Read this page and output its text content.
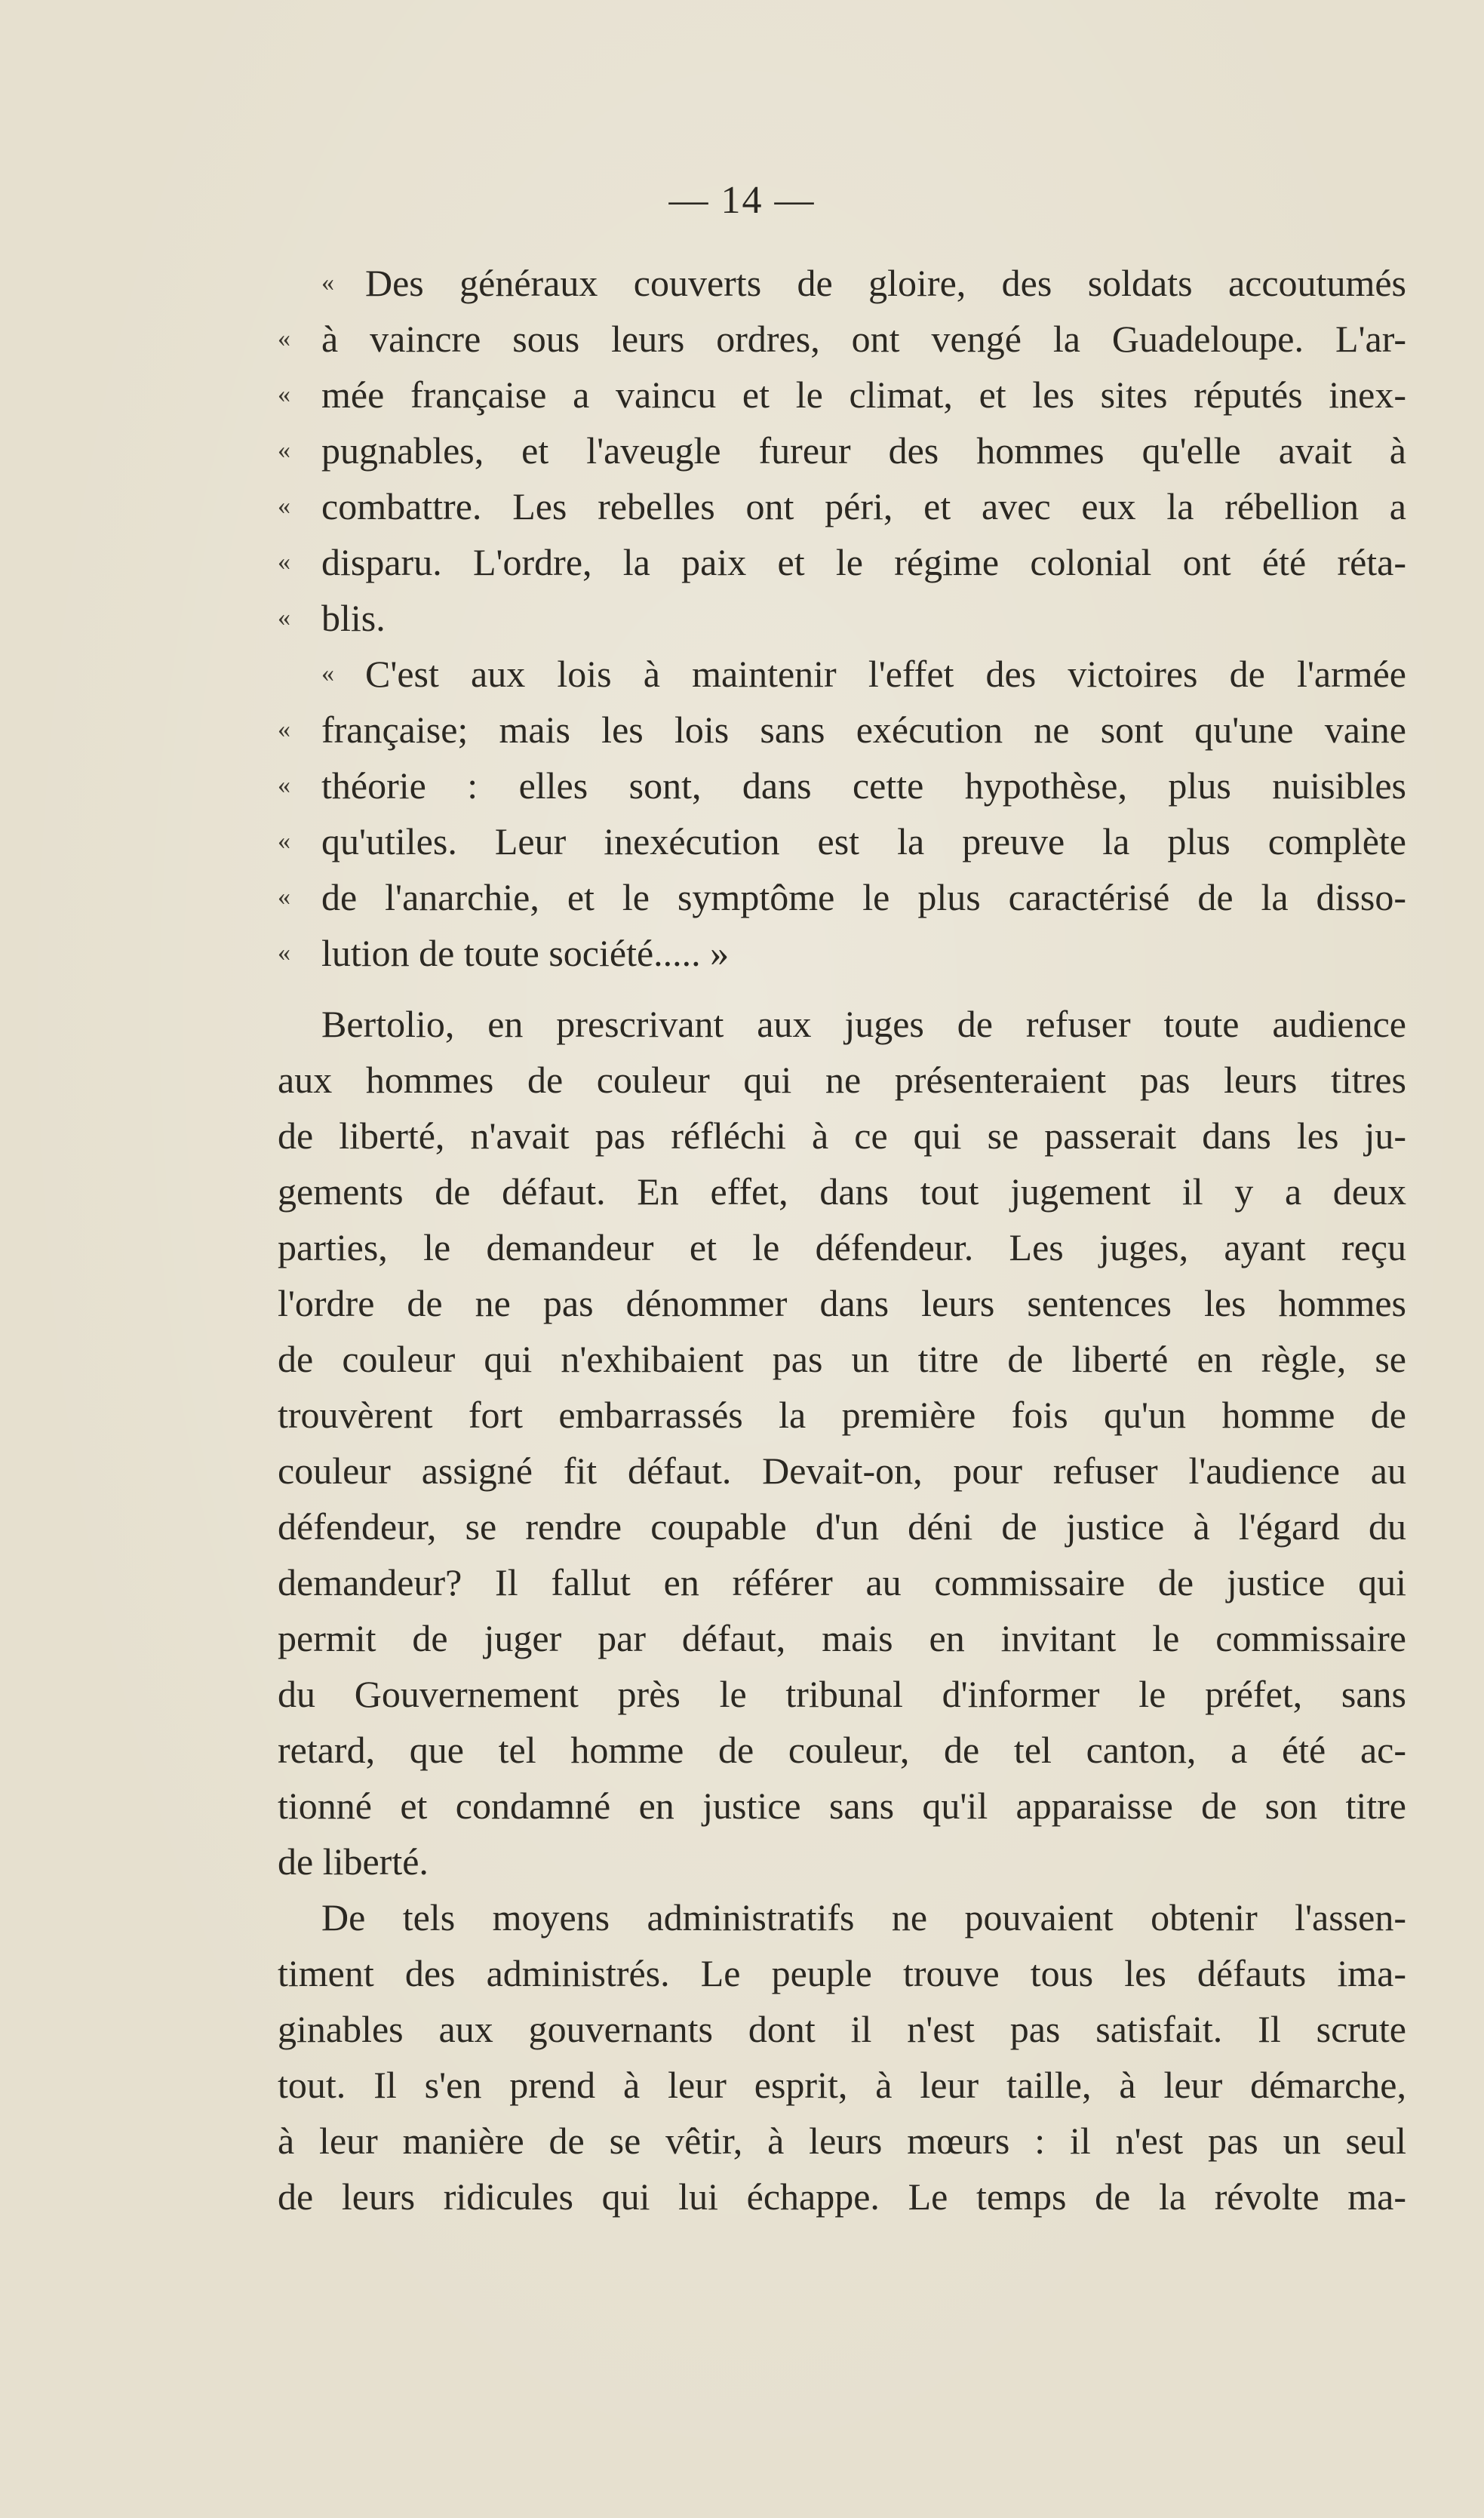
— 14 —
« Des généraux couverts de gloire, des soldats accoutumés
« à vaincre sous leurs ordres, ont vengé la Guadeloupe. L'ar-
« mée française a vaincu et le climat, et les sites réputés inex-
« pugnables, et l'aveugle fureur des hommes qu'elle avait à
« combattre. Les rebelles ont péri, et avec eux la rébellion a
« disparu. L'ordre, la paix et le régime colonial ont été réta-
« blis.
« C'est aux lois à maintenir l'effet des victoires de l'armée
« française; mais les lois sans exécution ne sont qu'une vaine
« théorie : elles sont, dans cette hypothèse, plus nuisibles
« qu'utiles. Leur inexécution est la preuve la plus complète
« de l'anarchie, et le symptôme le plus caractérisé de la disso-
« lution de toute société..... »
Bertolio, en prescrivant aux juges de refuser toute audience
aux hommes de couleur qui ne présenteraient pas leurs titres
de liberté, n'avait pas réfléchi à ce qui se passerait dans les ju-
gements de défaut. En effet, dans tout jugement il y a deux
parties, le demandeur et le défendeur. Les juges, ayant reçu
l'ordre de ne pas dénommer dans leurs sentences les hommes
de couleur qui n'exhibaient pas un titre de liberté en règle, se
trouvèrent fort embarrassés la première fois qu'un homme de
couleur assigné fit défaut. Devait-on, pour refuser l'audience au
défendeur, se rendre coupable d'un déni de justice à l'égard du
demandeur? Il fallut en référer au commissaire de justice qui
permit de juger par défaut, mais en invitant le commissaire
du Gouvernement près le tribunal d'informer le préfet, sans
retard, que tel homme de couleur, de tel canton, a été ac-
tionné et condamné en justice sans qu'il apparaisse de son titre
de liberté.
De tels moyens administratifs ne pouvaient obtenir l'assen-
timent des administrés. Le peuple trouve tous les défauts ima-
ginables aux gouvernants dont il n'est pas satisfait. Il scrute
tout. Il s'en prend à leur esprit, à leur taille, à leur démarche,
à leur manière de se vêtir, à leurs mœurs : il n'est pas un seul
de leurs ridicules qui lui échappe. Le temps de la révolte ma-
